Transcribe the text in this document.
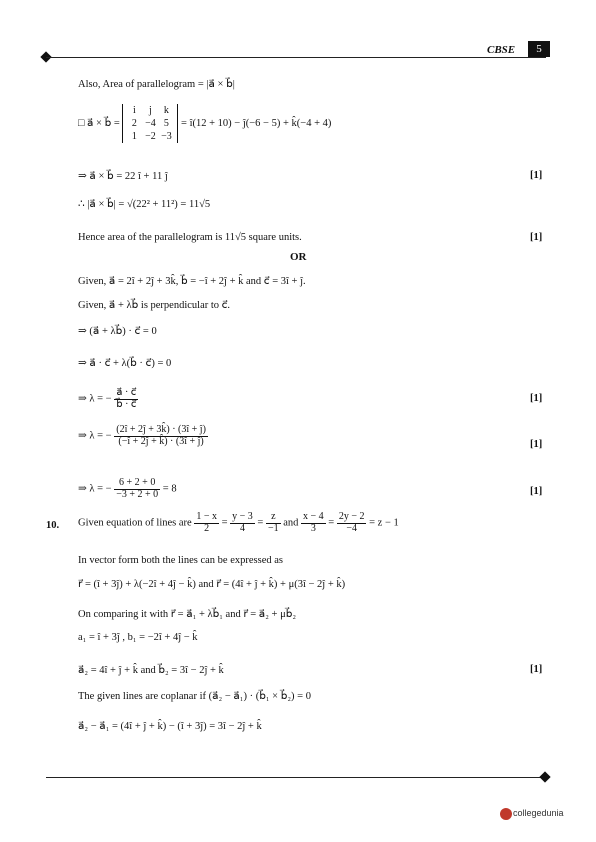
CBSE	5
Also, Area of parallelogram = |a⃗ × b⃗|
□ a⃗ × b⃗ = i j k
2 −4 5
1 −2 −3 = î(12 + 10) − ĵ(−6 − 5) + k̂(−4 + 4)
⇒ a⃗ × b⃗ = 22 î + 11 ĵ	[1]
∴ |a⃗ × b⃗| = √(22² + 11²) = 11√5
Hence area of the parallelogram is 11√5 square units.	[1]
OR
Given, a⃗ = 2î + 2ĵ + 3k̂, b⃗ = −î + 2ĵ + k̂ and c⃗ = 3î + ĵ.
Given, a⃗ + λb⃗ is perpendicular to c⃗.
⇒ (a⃗ + λb⃗) · c⃗ = 0
⇒ a⃗ · c⃗ + λ(b⃗ · c⃗) = 0
⇒ λ = − $\frac{a⃗ \cdot c⃗}{b⃗ \cdot c⃗}$	[1]
⇒ λ = − $\frac{(2î + 2ĵ + 3k̂) \cdot (3î + ĵ)}{(-î + 2ĵ + k̂) \cdot (3î + ĵ)}$	[1]
⇒ λ = − $\frac{6 + 2 + 0}{-3 + 2 + 0} = 8$	[1]
10. Given equation of lines are $\frac{1 - x}{2} = \frac{y - 3}{4} = \frac{z}{-1}$ and $\frac{x - 4}{3} = \frac{2y - 2}{-4} = z - 1$
In vector form both the lines can be expressed as
r⃗ = (î + 3ĵ) + λ(−2î + 4ĵ − k̂) and r⃗ = (4î + ĵ + k̂) + μ(3î − 2ĵ + k̂)
On comparing it with r⃗ = a⃗₁ + λb⃗₁ and r⃗ = a⃗₂ + μb⃗₂
a₁ = î + 3ĵ , b₁ = −2î + 4ĵ − k̂
a⃗₂ = 4î + ĵ + k̂ and b⃗₂ = 3î − 2ĵ + k̂	[1]
The given lines are coplanar if (a⃗₂ − a⃗₁) · (b⃗₁ × b⃗₂) = 0
a⃗₂ − a⃗₁ = (4î + ĵ + k̂) − (î + 3ĵ) = 3î − 2ĵ + k̂
collegedunia
